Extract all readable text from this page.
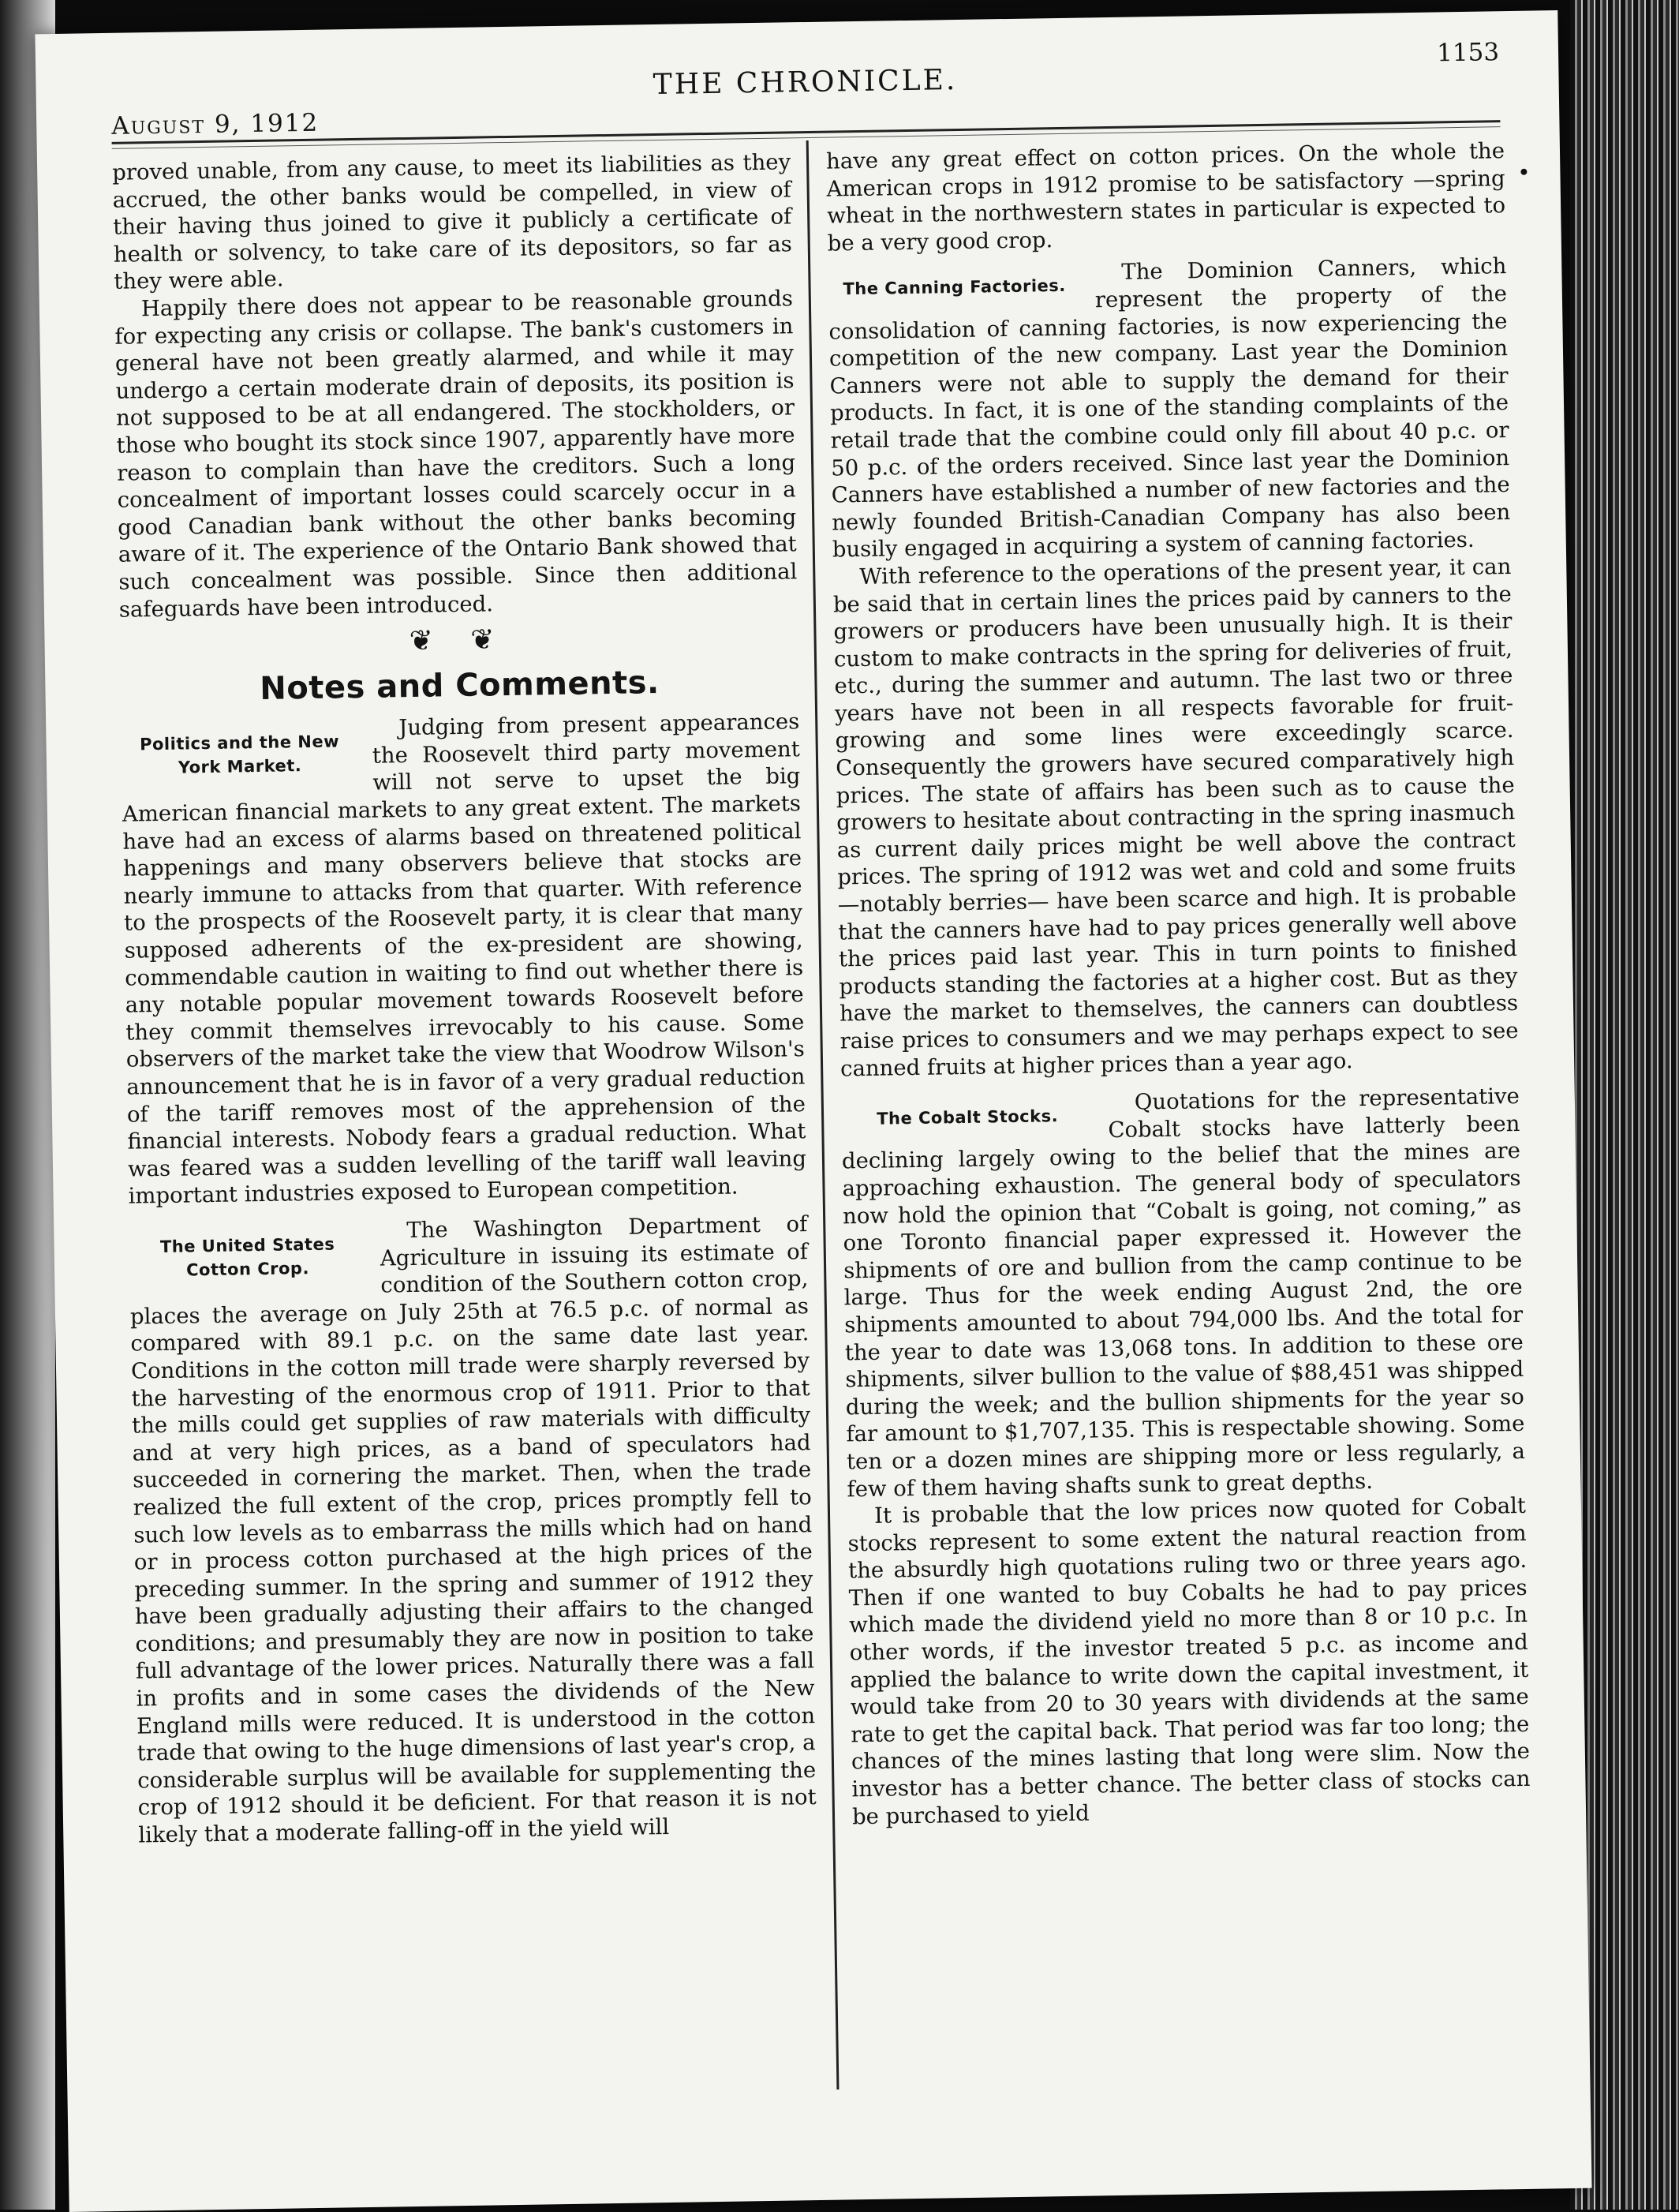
August 9, 1912
THE CHRONICLE.
1153

proved unable, from any cause, to meet its liabilities as they accrued, the other banks would be compelled, in view of their having thus joined to give it publicly a certificate of health or solvency, to take care of its depositors, so far as they were able.

Happily there does not appear to be reasonable grounds for expecting any crisis or collapse. The bank's customers in general have not been greatly alarmed, and while it may undergo a certain moderate drain of deposits, its position is not supposed to be at all endangered. The stockholders, or those who bought its stock since 1907, apparently have more reason to complain than have the creditors. Such a long concealment of important losses could scarcely occur in a good Canadian bank without the other banks becoming aware of it. The experience of the Ontario Bank showed that such concealment was possible. Since then additional safeguards have been introduced.

❦ ❦
Notes and Comments.
Politics and the New York Market.

Judging from present appearances the Roosevelt third party movement will not serve to upset the big American financial markets to any great extent. The markets have had an excess of alarms based on threatened political happenings and many observers believe that stocks are nearly immune to attacks from that quarter. With reference to the prospects of the Roosevelt party, it is clear that many supposed adherents of the ex-president are showing, commendable caution in waiting to find out whether there is any notable popular movement towards Roosevelt before they commit themselves irrevocably to his cause. Some observers of the market take the view that Woodrow Wilson's announcement that he is in favor of a very gradual reduction of the tariff removes most of the apprehension of the financial interests. Nobody fears a gradual reduction. What was feared was a sudden levelling of the tariff wall leaving important industries exposed to European competition.

The United States Cotton Crop.

The Washington Department of Agriculture in issuing its estimate of condition of the Southern cotton crop, places the average on July 25th at 76.5 p.c. of normal as compared with 89.1 p.c. on the same date last year. Conditions in the cotton mill trade were sharply reversed by the harvesting of the enormous crop of 1911. Prior to that the mills could get supplies of raw materials with difficulty and at very high prices, as a band of speculators had succeeded in cornering the market. Then, when the trade realized the full extent of the crop, prices promptly fell to such low levels as to embarrass the mills which had on hand or in process cotton purchased at the high prices of the preceding summer. In the spring and summer of 1912 they have been gradually adjusting their affairs to the changed conditions; and presumably they are now in position to take full advantage of the lower prices. Naturally there was a fall in profits and in some cases the dividends of the New England mills were reduced. It is understood in the cotton trade that owing to the huge dimensions of last year's crop, a considerable surplus will be available for supplementing the crop of 1912 should it be deficient. For that reason it is not likely that a moderate falling-off in the yield will

have any great effect on cotton prices. On the whole the American crops in 1912 promise to be satisfactory —spring wheat in the northwestern states in particular is expected to be a very good crop.

The Canning Factories.

The Dominion Canners, which represent the property of the consolidation of canning factories, is now experiencing the competition of the new company. Last year the Dominion Canners were not able to supply the demand for their products. In fact, it is one of the standing complaints of the retail trade that the combine could only fill about 40 p.c. or 50 p.c. of the orders received. Since last year the Dominion Canners have established a number of new factories and the newly founded British-Canadian Company has also been busily engaged in acquiring a system of canning factories.

With reference to the operations of the present year, it can be said that in certain lines the prices paid by canners to the growers or producers have been unusually high. It is their custom to make contracts in the spring for deliveries of fruit, etc., during the summer and autumn. The last two or three years have not been in all respects favorable for fruit-growing and some lines were exceedingly scarce. Consequently the growers have secured comparatively high prices. The state of affairs has been such as to cause the growers to hesitate about contracting in the spring inasmuch as current daily prices might be well above the contract prices. The spring of 1912 was wet and cold and some fruits—notably berries— have been scarce and high. It is probable that the canners have had to pay prices generally well above the prices paid last year. This in turn points to finished products standing the factories at a higher cost. But as they have the market to themselves, the canners can doubtless raise prices to consumers and we may perhaps expect to see canned fruits at higher prices than a year ago.

The Cobalt Stocks.

Quotations for the representative Cobalt stocks have latterly been declining largely owing to the belief that the mines are approaching exhaustion. The general body of speculators now hold the opinion that “Cobalt is going, not coming,” as one Toronto financial paper expressed it. However the shipments of ore and bullion from the camp continue to be large. Thus for the week ending August 2nd, the ore shipments amounted to about 794,000 lbs. And the total for the year to date was 13,068 tons. In addition to these ore shipments, silver bullion to the value of $88,451 was shipped during the week; and the bullion shipments for the year so far amount to $1,707,135. This is respectable showing. Some ten or a dozen mines are shipping more or less regularly, a few of them having shafts sunk to great depths.

It is probable that the low prices now quoted for Cobalt stocks represent to some extent the natural reaction from the absurdly high quotations ruling two or three years ago. Then if one wanted to buy Cobalts he had to pay prices which made the dividend yield no more than 8 or 10 p.c. In other words, if the investor treated 5 p.c. as income and applied the balance to write down the capital investment, it would take from 20 to 30 years with dividends at the same rate to get the capital back. That period was far too long; the chances of the mines lasting that long were slim. Now the investor has a better chance. The better class of stocks can be purchased to yield
